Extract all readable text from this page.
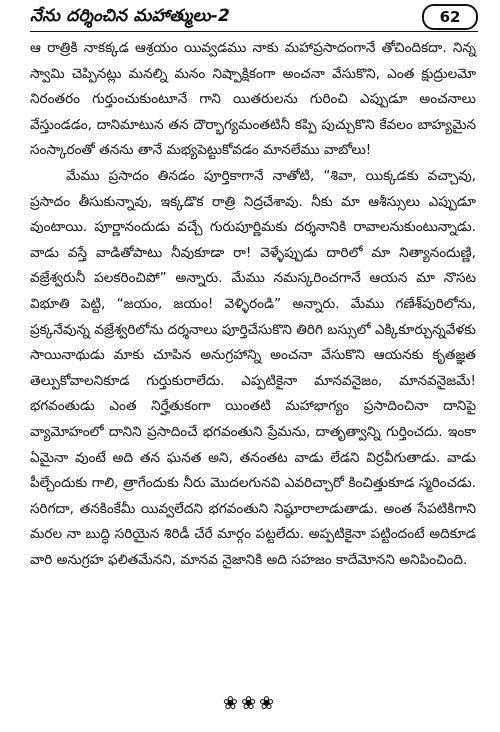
నేను దర్శించిన మహాత్ములు-2	62

ఆ రాత్రికి నాకక్కడ ఆశ్రయం యివ్వడము నాకు మహాప్రసాదంగానే తోచిందికదా. నిన్న స్వామి చెప్పినట్లు మనల్ని మనం నిష్పాక్షికంగా అంచనా వేసుకొని, ఎంత క్షుద్రులమో నిరంతరం గుర్తుంచుకుంటూనే గాని యితరులను గురించి ఎప్పుడూ అంచనాలు వేస్తుండడం, దానిమాటున తన దౌర్భాగ్యమంతటినీ కప్పి పుచ్చుకొని కేవలం బాహ్యమైన సంస్కారంతో తనను తానే మభ్యపెట్టుకోవడం మానలేము వాబోలు!

మేము ప్రసాదం తినడం పూర్తికాగానే నాతోటి, “శివా, యిక్కడకు వచ్చావు, ప్రసాదం తీసుకున్నావు, ఇక్కడొక రాత్రి నిద్రచేశావు. నీకు మా ఆశీస్సులు ఎప్పుడూ వుంటాయి. పూర్ణానందుడు వచ్చే గురుపూర్ణిమకు దర్శనానికి రావాలనుకుంటున్నాడు. వాడు వస్తే వాడితోపాటు నీవుకూడా రా! వెళ్ళేప్పుడు దారిలో మా నిత్యానందుణ్ణి, వజ్రేశ్వరునీ పలకరించిపో” అన్నారు. మేము నమస్కరించగానే ఆయన మా నొసట విభూతి పెట్టి, “జయం, జయం! వెళ్ళిరండి” అన్నారు. మేము గణేశ్‌పురిలోను, ప్రక్కనేవున్న వజ్రేశ్వరిలోను దర్శనాలు పూర్తిచేసుకొని తిరిగి బస్సులో ఎక్కికూర్చున్నవేళకు సాయినాథుడు మాకు చూపిన అనుగ్రహాన్ని అంచనా వేసుకొని ఆయనకు కృతజ్ఞత తెల్పుకోవాలనికూడ గుర్తుకురాలేదు. ఎప్పటికైనా మానవనైజం, మానవనైజమే! భగవంతుడు ఎంత నిర్హేతుకంగా యింతటి మహాభాగ్యం ప్రసాదించినా దానిపై వ్యామోహంలో దానిని ప్రసాదించే భగవంతుని ప్రేమను, దాతృత్వాన్ని గుర్తించదు. ఇంకా ఏమైనా వుంటే అది తన ఘనత అని, తనంతట వాడు లేడని విర్రవీగుతాడు. వాడు పీల్చేందుకు గాలి, త్రాగేందుకు నీరు మొదలగునవి ఎవరిచ్చారో కించిత్తుకూడ స్మరించడు. సరిగదా, తనకింకేమీ యివ్వలేదని భగవంతుని నిష్ఠూరాలాడుతాడు. అంత సేపటికిగాని మరల నా బుద్ధి సరియైన శిరిడీ చేరే మార్గం పట్టలేదు. అప్పటికైనా పట్టిందంటే అదికూడ వారి అనుగ్రహ ఫలితమేనని, మానవ నైజానికి అది సహజం కాదేమోనని అనిపించింది.

❀❀❀
